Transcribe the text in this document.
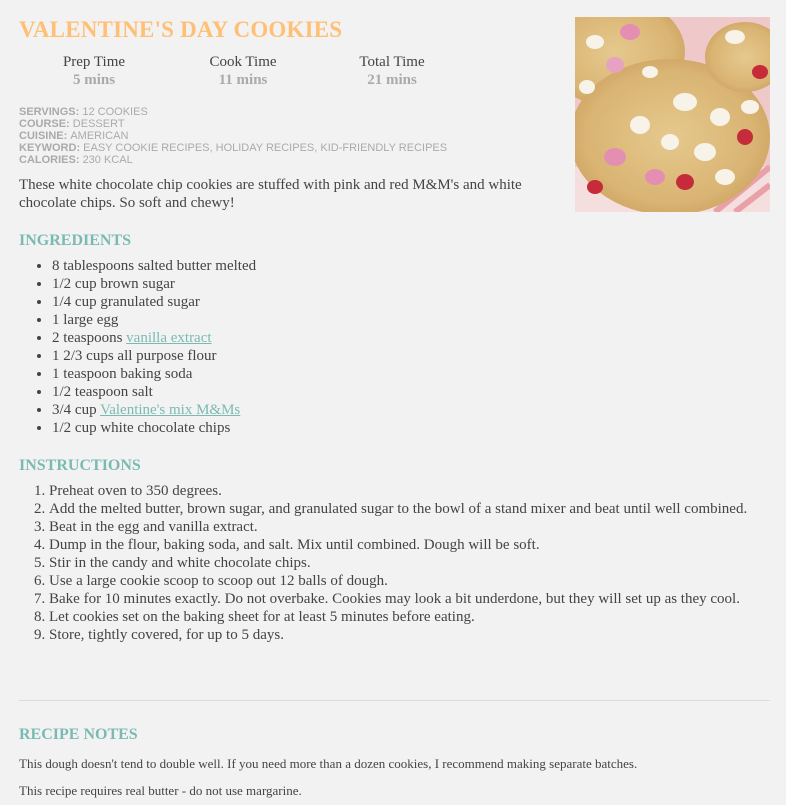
VALENTINE'S DAY COOKIES
Prep Time
5 mins
Cook Time
11 mins
Total Time
21 mins
SERVINGS: 12 COOKIES
COURSE: DESSERT
CUISINE: AMERICAN
KEYWORD: EASY COOKIE RECIPES, HOLIDAY RECIPES, KID-FRIENDLY RECIPES
CALORIES: 230 KCAL
These white chocolate chip cookies are stuffed with pink and red M&M's and white chocolate chips. So soft and chewy!
INGREDIENTS
• 8 tablespoons salted butter melted
• 1/2 cup brown sugar
• 1/4 cup granulated sugar
• 1 large egg
• 2 teaspoons vanilla extract
• 1 2/3 cups all purpose flour
• 1 teaspoon baking soda
• 1/2 teaspoon salt
• 3/4 cup Valentine's mix M&Ms
• 1/2 cup white chocolate chips
INSTRUCTIONS
1. Preheat oven to 350 degrees.
2. Add the melted butter, brown sugar, and granulated sugar to the bowl of a stand mixer and beat until well combined.
3. Beat in the egg and vanilla extract.
4. Dump in the flour, baking soda, and salt. Mix until combined. Dough will be soft.
5. Stir in the candy and white chocolate chips.
6. Use a large cookie scoop to scoop out 12 balls of dough.
7. Bake for 10 minutes exactly. Do not overbake. Cookies may look a bit underdone, but they will set up as they cool.
8. Let cookies set on the baking sheet for at least 5 minutes before eating.
9. Store, tightly covered, for up to 5 days.
RECIPE NOTES
This dough doesn't tend to double well. If you need more than a dozen cookies, I recommend making separate batches.
This recipe requires real butter - do not use margarine.
